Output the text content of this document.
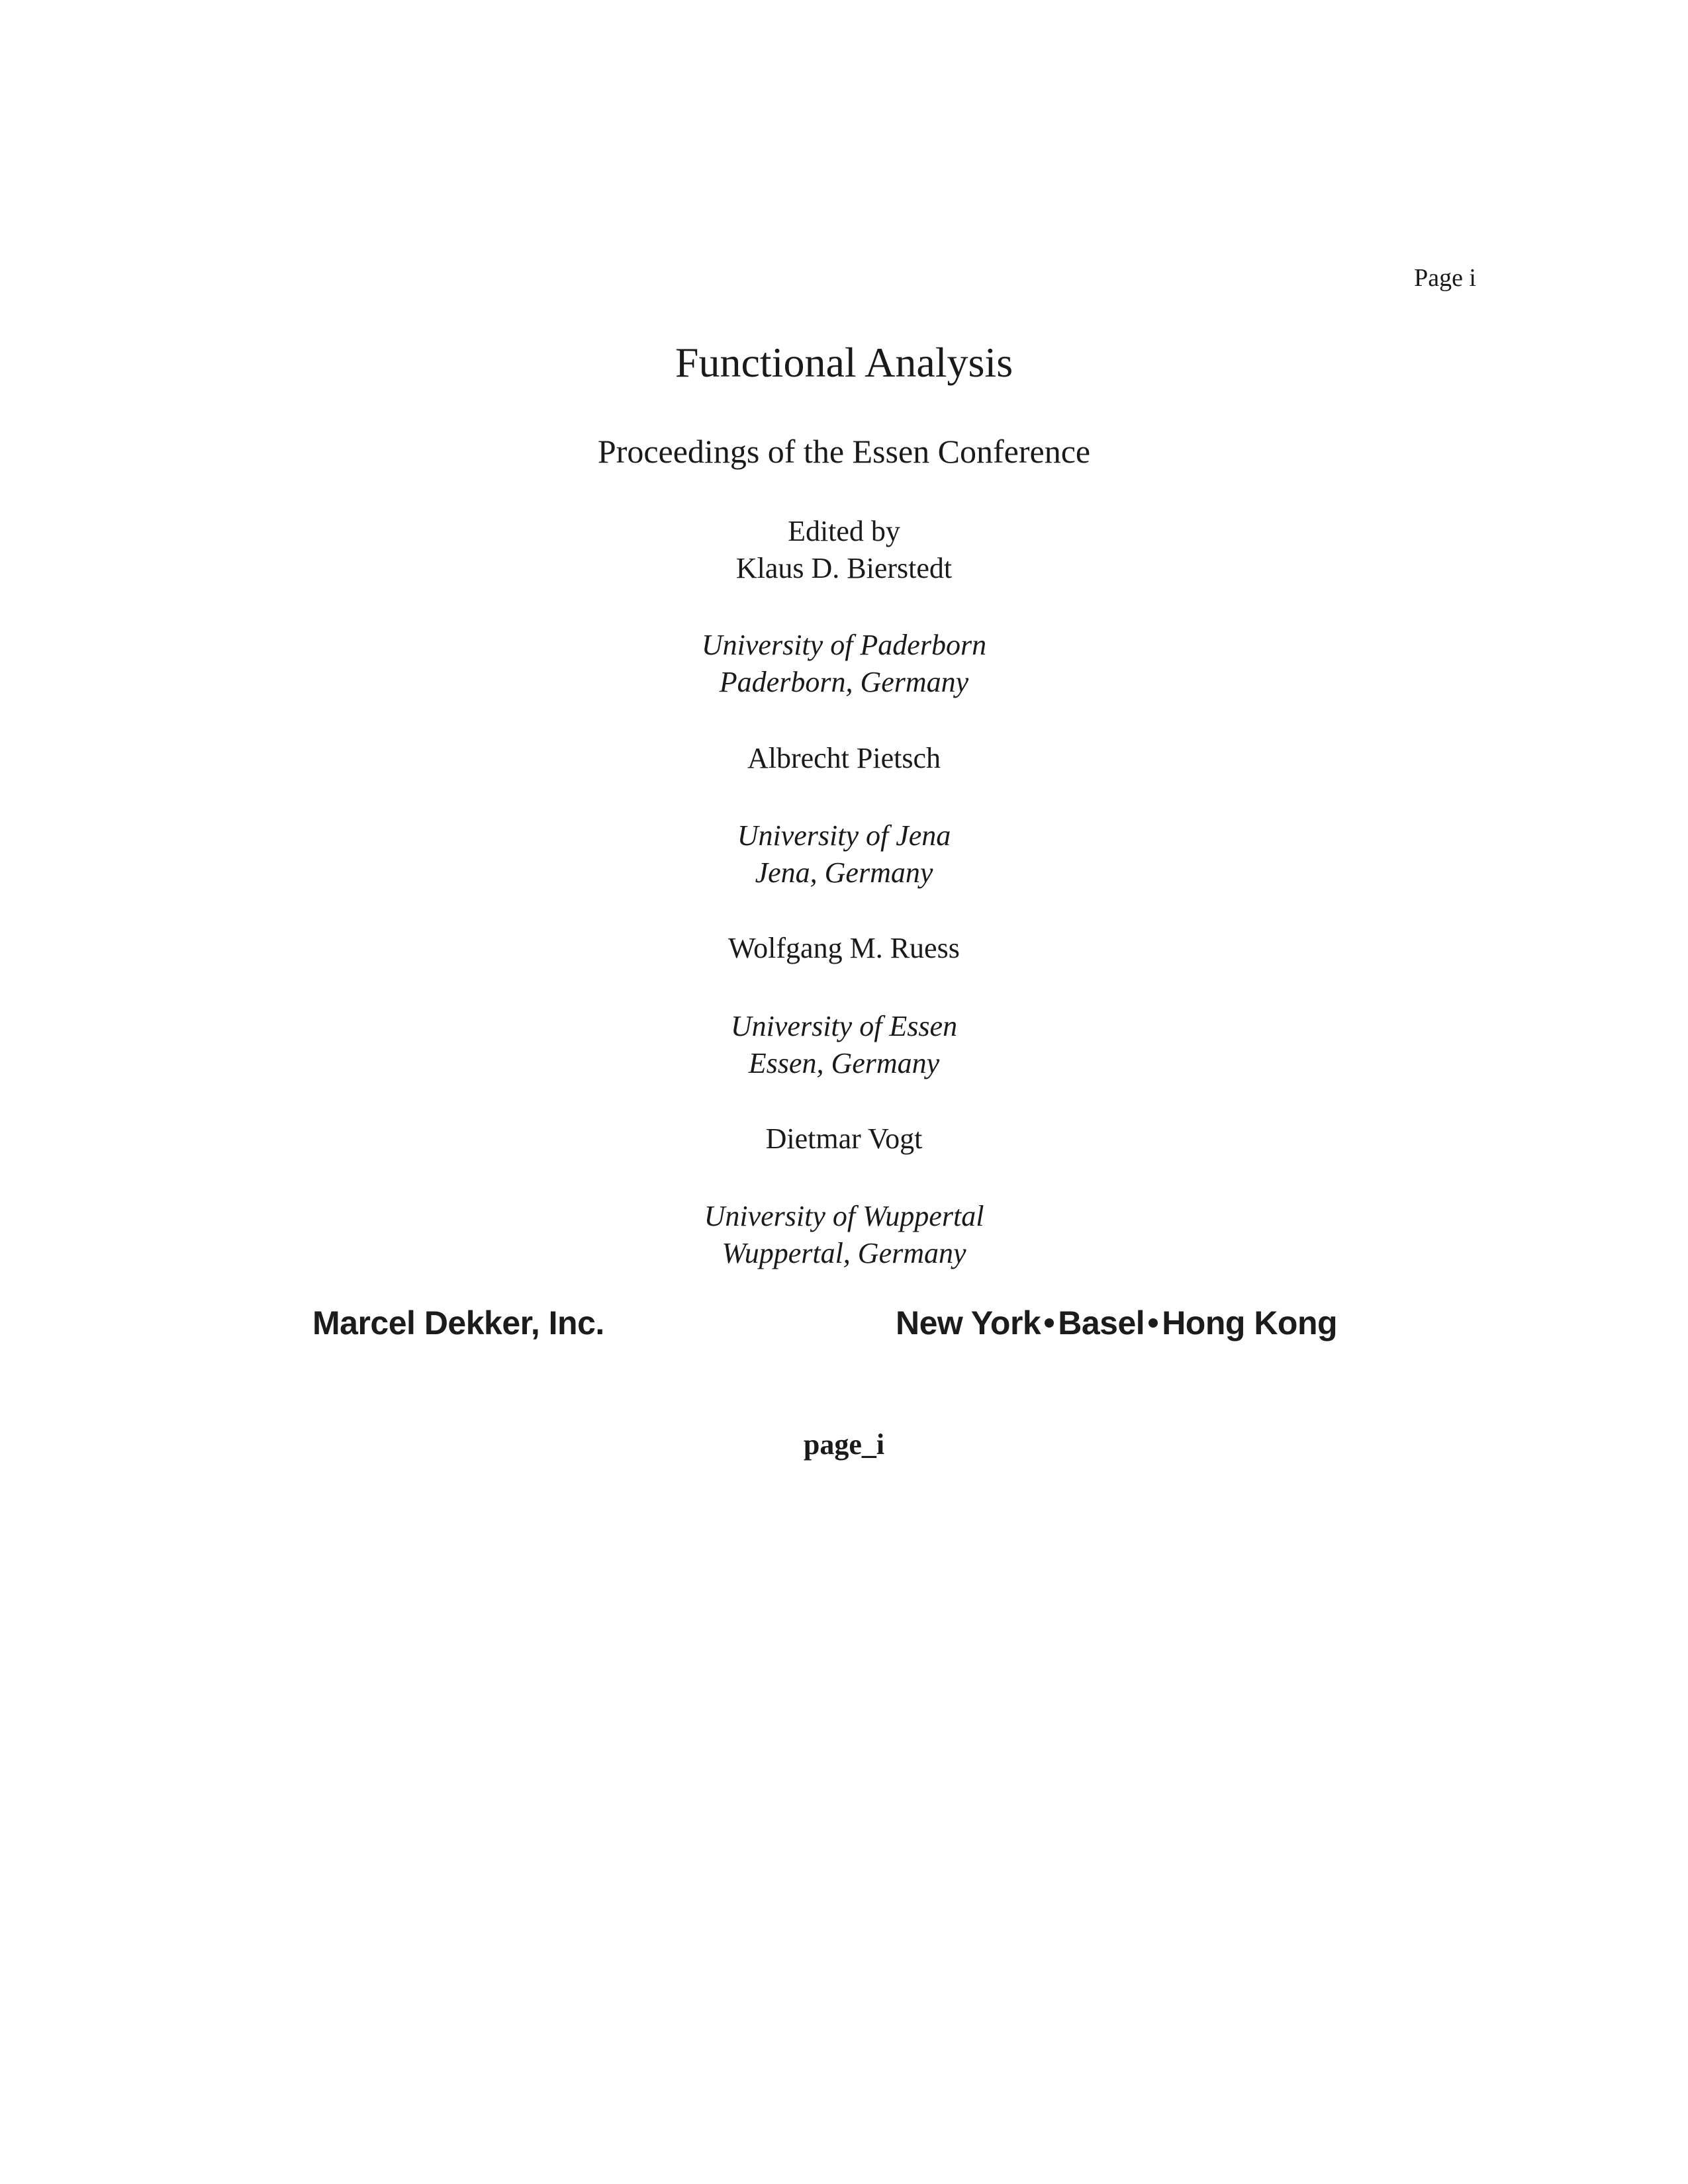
Page i
Functional Analysis
Proceedings of the Essen Conference
Edited by
Klaus D. Bierstedt
University of Paderborn
Paderborn, Germany
Albrecht Pietsch
University of Jena
Jena, Germany
Wolfgang M. Ruess
University of Essen
Essen, Germany
Dietmar Vogt
University of Wuppertal
Wuppertal, Germany
Marcel Dekker, Inc.	New York Basel Hong Kong
page_i
